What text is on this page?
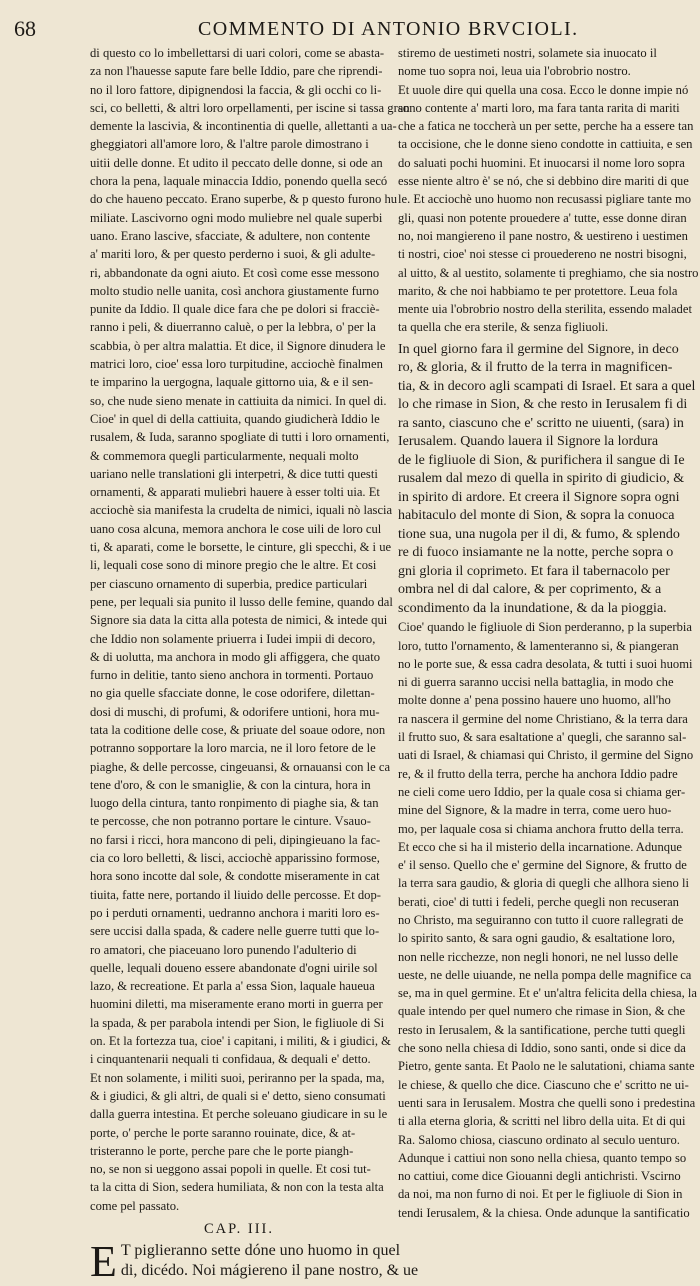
68	COMMENTO DI ANTONIO BRVCIOLI.
di questo co lo imbellettarsi di uari colori, come se abasta-
za non l'hauesse sapute fare belle Iddio, pare che riprendi-
no il loro fattore, dipignendosi la faccia, & gli occhi co li-
sci, co belletti, & altri loro orpellamenti, per iscine si tassa gran
demente la lascivia, & incontinentia di quelle, allettanti a ua-
gheggiatori all'amore loro, & l'altre parole dimostrano i
uitii delle donne. Et udito il peccato delle donne, si ode an
chora la pena, laquale minaccia Iddio, ponendo quella secó
do che haueno peccato. Erano superbe, & p questo furono hu
miliate. Lascivorno ogni modo muliebre nel quale superbi
uano. Erano lascive, sfacciate, & adultere, non contente
a' mariti loro, & per questo perderno i suoi, & gli adulte-
ri, abbandonate da ogni aiuto. Et così come esse messono
molto studio nelle uanita, così anchora giustamente furno
punite da Iddio. Il quale dice fara che pe dolori si fracciè-
ranno i peli, & diuerranno caluè, o per la lebbra, o' per la
scabbia, ò per altra malattia. Et dice, il Signore dinudera le
matrici loro, cioe' essa loro turpitudine, acciochè finalmen
te imparino la uergogna, laquale gittorno uia, & e il sen-
so, che nude sieno menate in cattiuita da nimici. In quel di.
Cioe' in quel di della cattiuita, quando giudicherà Iddio le
rusalem, & Iuda, saranno spogliate di tutti i loro ornamenti,
& commemora quegli particularmente, nequali molto
uariano nelle translationi gli interpetri, & dice tutti questi
ornamenti, & apparati muliebri hauere à esser tolti uia. Et
acciochè sia manifesta la crudelta de nimici, iquali nò lascia
uano cosa alcuna, memora anchora le cose uili de loro cul
ti, & aparati, come le borsette, le cinture, gli specchi, & i ue
li, lequali cose sono di minore pregio che le altre. Et cosi
per ciascuno ornamento di superbia, predice particulari
pene, per lequali sia punito il lusso delle femine, quando dal
Signore sia data la citta alla potesta de nimici, & intede qui
che Iddio non solamente priuerra i Iudei impii di decoro,
& di uolutta, ma anchora in modo gli affiggera, che quato
furno in delitie, tanto sieno anchora in tormenti. Portauo
no gia quelle sfacciate donne, le cose odorifere, dilettan-
dosi di muschi, di profumi, & odorifere untioni, hora mu-
tata la coditione delle cose, & priuate del soaue odore, non
potranno sopportare la loro marcia, ne il loro fetore de le
piaghe, & delle percosse, cingeuansi, & ornauansi con le ca
tene d'oro, & con le smaniglie, & con la cintura, hora in
luogo della cintura, tanto ronpimento di piaghe sia, & tan
te percosse, che non potranno portare le cinture. Vsauo-
no farsi i ricci, hora mancono di peli, dipingieuano la fac-
cia co loro belletti, & lisci, acciochè apparissino formose,
hora sono incotte dal sole, & condotte miseramente in cat
tiuita, fatte nere, portando il liuido delle percosse. Et dop-
po i perduti ornamenti, uedranno anchora i mariti loro es-
sere uccisi dalla spada, & cadere nelle guerre tutti que lo-
ro amatori, che piaceuano loro punendo l'adulterio di
quelle, lequali doueno essere abandonate d'ogni uirile sol
lazo, & recreatione. Et parla a' essa Sion, laquale haueua
huomini diletti, ma miseramente erano morti in guerra per
la spada, & per parabola intendi per Sion, le figliuole di Si
on. Et la fortezza tua, cioe' i capitani, i militi, & i giudici, &
i cinquantenarii nequali ti confidaua, & dequali e' detto.
Et non solamente, i militi suoi, periranno per la spada, ma,
& i giudici, & gli altri, de quali si e' detto, sieno consumati
dalla guerra intestina. Et perche soleuano giudicare in su le
porte, o' perche le porte saranno rouinate, dice, & at-
tristeranno le porte, perche pare che le porte piangh-
no, se non si ueggono assai popoli in quelle. Et cosi tut-
ta la citta di Sion, sedera humiliata, & non con la testa alta
come pel passato.
CAP. III.
E T piglieranno sette dóne uno huomo in quel
di, dicédo. Noi mágiereno il pane nostro, & ue
stiremo de uestimeti nostri, solamete sia inuocato il
nome tuo sopra noi, leua uia l'obrobrio nostro.
Et uuole dire qui quella una cosa. Ecco le donne impie nó
sono contente a' marti loro, ma fara tanta rarita di mariti
che a fatica ne toccherà un per sette, perche ha a essere tan
ta occisione, che le donne sieno condotte in cattiuita, e sen
do saluati pochi huomini. Et inuocarsi il nome loro sopra
esse niente altro è' se nó, che si debbino dire mariti di que
le. Et acciochè uno huomo non recusassi pigliare tante mo
gli, quasi non potente prouedere a' tutte, esse donne diran
no, noi mangiereno il pane nostro, & uestireno i uestimen
ti nostri, cioe' noi stesse ci prouedereno ne nostri bisogni,
al uitto, & al uestito, solamente ti preghiamo, che sia nostro
marito, & che noi habbiamo te per protettore. Leua fola
mente uia l'obrobrio nostro della sterilita, essendo maladet
ta quella che era sterile, & senza figliuoli.
In quel giorno fara il germine del Signore, in deco
ro, & gloria, & il frutto de la terra in magnificen-
tia, & in decoro agli scampati di Israel. Et sara a quel
lo che rimase in Sion, & che resto in Ierusalem fi di
ra santo, ciascuno che e' scritto ne uiuenti, (sara) in
Ierusalem. Quando lauera il Signore la lordura
de le figliuole di Sion, & purifichera il sangue di Ie
rusalem dal mezo di quella in spirito di giudicio, &
in spirito di ardore. Et creera il Signore sopra ogni
habitaculo del monte di Sion, & sopra la conuoca
tione sua, una nugola per il di, & fumo, & splendo
re di fuoco insiamante ne la notte, perche sopra o
gni gloria il coprimeto. Et fara il tabernacolo per
ombra nel di dal calore, & per coprimento, & a
scondimento da la inundatione, & da la pioggia.
Cioe' quando le figliuole di Sion perderanno, p la superbia
loro, tutto l'ornamento, & lamenteranno si, & piangeran
no le porte sue, & essa cadra desolata, & tutti i suoi huomi
ni di guerra saranno uccisi nella battaglia, in modo che
molte donne a' pena possino hauere uno huomo, all'ho
ra nascera il germine del nome Christiano, & la terra dara
il frutto suo, & sara esaltatione a' quegli, che saranno sal-
uati di Israel, & chiamasi qui Christo, il germine del Signo
re, & il frutto della terra, perche ha anchora Iddio padre
ne cieli come uero Iddio, per la quale cosa si chiama ger-
mine del Signore, & la madre in terra, come uero huo-
mo, per laquale cosa si chiama anchora frutto della terra.
Et ecco che si ha il misterio della incarnatione. Adunque
e' il senso. Quello che e' germine del Signore, & frutto de
la terra sara gaudio, & gloria di quegli che allhora sieno li
berati, cioe' di tutti i fedeli, perche quegli non recuseran
no Christo, ma seguiranno con tutto il cuore rallegrati de
lo spirito santo, & sara ogni gaudio, & esaltatione loro,
non nelle ricchezze, non negli honori, ne nel lusso delle
ueste, ne delle uiuande, ne nella pompa delle magnifice ca
se, ma in quel germine. Et e' un'altra felicita della chiesa, la
quale intendo per quel numero che rimase in Sion, & che
resto in Ierusalem, & la santificatione, perche tutti quegli
che sono nella chiesa di Iddio, sono santi, onde si dice da
Pietro, gente santa. Et Paolo ne le salutationi, chiama sante
le chiese, & quello che dice. Ciascuno che e' scritto ne ui-
uenti sara in Ierusalem. Mostra che quelli sono i predestina
ti alla eterna gloria, & scritti nel libro della uita. Et di qui
Ra. Salomo chiosa, ciascuno ordinato al seculo uenturo.
Adunque i cattiui non sono nella chiesa, quanto tempo so
no cattiui, come dice Giouanni degli antichristi. Vscirno
da noi, ma non furno di noi. Et per le figliuole di Sion in
tendi Ierusalem, & la chiesa. Onde adunque la santificatio
